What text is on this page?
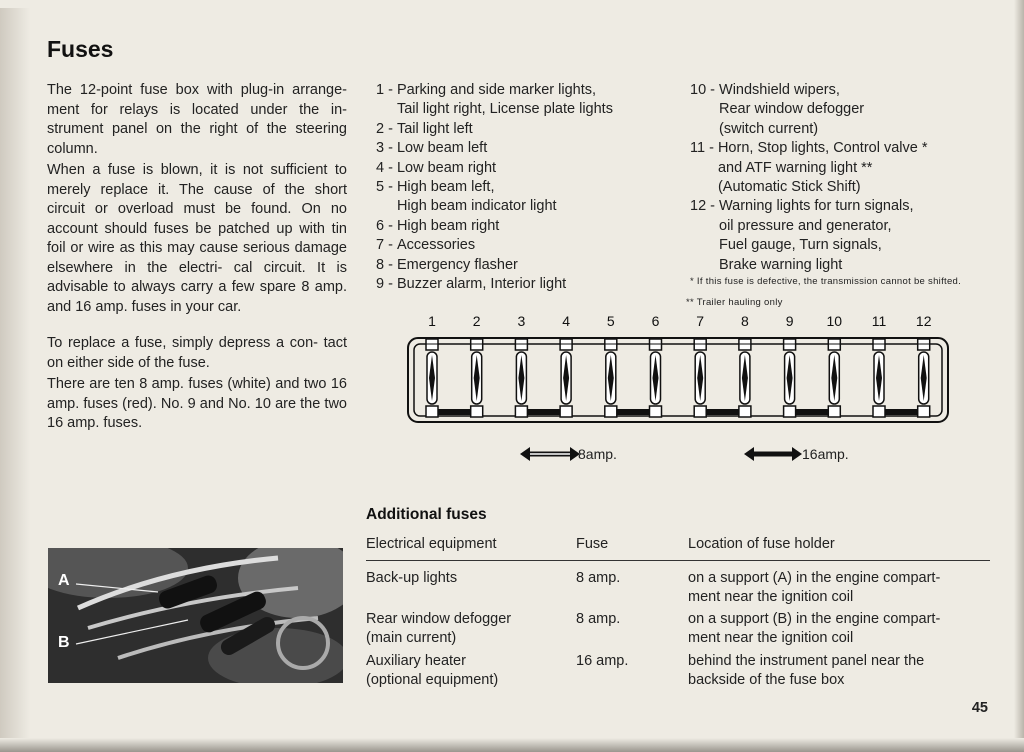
Fuses

The 12-point fuse box with plug-in arrange- ment for relays is located under the in- strument panel on the right of the steering column.

When a fuse is blown, it is not sufficient to merely replace it. The cause of the short circuit or overload must be found. On no account should fuses be patched up with tin foil or wire as this may cause serious damage elsewhere in the electri- cal circuit. It is advisable to always carry a few spare 8 amp. and 16 amp. fuses in your car.

To replace a fuse, simply depress a con- tact on either side of the fuse.

There are ten 8 amp. fuses (white) and two 16 amp. fuses (red). No. 9 and No. 10 are the two 16 amp. fuses.

1 - Parking and side marker lights,
Tail light right, License plate lights
2 - Tail light left
3 - Low beam left
4 - Low beam right
5 - High beam left,
High beam indicator light
6 - High beam right
7 - Accessories
8 - Emergency flasher
9 - Buzzer alarm, Interior light
10 - Windshield wipers,
Rear window defogger
(switch current)
11 - Horn, Stop lights, Control valve *
and ATF warning light **
(Automatic Stick Shift)
12 - Warning lights for turn signals,
oil pressure and generator,
Fuel gauge, Turn signals,
Brake warning light
* If this fuse is defective, the transmission cannot be shifted.
** Trailer hauling only
1	2	3	4	5	6	7	8	9 10 11 12
8amp.	16amp.
A
B
Additional fuses
Electrical equipment	Fuse	Location of fuse holder
Back-up lights	8 amp.	on a support (A) in the engine compart-
ment near the ignition coil
Rear window defogger
(main current)
8 amp.	on a support (B) in the engine compart-
ment near the ignition coil
Auxiliary heater
(optional equipment)
16 amp.	behind the instrument panel near the
backside of the fuse box
45
